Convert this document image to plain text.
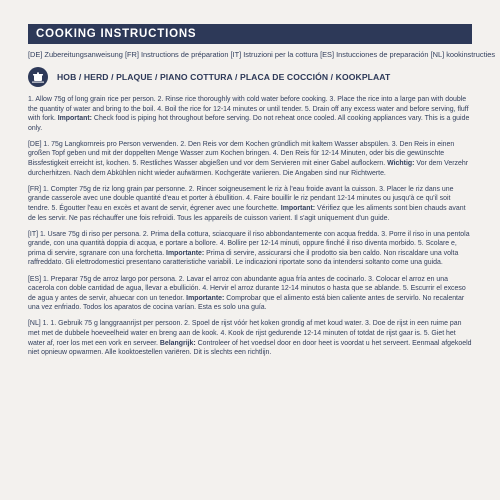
COOKING INSTRUCTIONS
[DE] Zubereitungsanweisung [FR] Instructions de préparation [IT] Istruzioni per la cottura [ES] Instucciones de preparación [NL] kookinstructies
HOB / HERD / PLAQUE / PIANO COTTURA / PLACA DE COCCIÓN / KOOKPLAAT

1. Allow 75g of long grain rice per person. 2. Rinse rice thoroughly with cold water before cooking. 3. Place the rice into a large pan with double the quantity of water and bring to the boil. 4. Boil the rice for 12-14 minutes or until tender. 5. Drain off any excess water and before serving, fluff with fork. Important: Check food is piping hot throughout before serving. Do not reheat once cooled. All cooking appliances vary. This is a guide only.

[DE] 1. 75g Langkornreis pro Person verwenden. 2. Den Reis vor dem Kochen gründlich mit kaltem Wasser abspülen. 3. Den Reis in einen großen Topf geben und mit der doppelten Menge Wasser zum Kochen bringen. 4. Den Reis für 12-14 Minuten, oder bis die gewünschte Bissfestigkeit erreicht ist, kochen. 5. Restliches Wasser abgießen und vor dem Servieren mit einer Gabel auflockern. Wichtig: Vor dem Verzehr durcherhitzen. Nach dem Abkühlen nicht wieder aufwärmen. Kochgeräte variieren. Die Angaben sind nur Richtwerte.

[FR] 1. Compter 75g de riz long grain par personne. 2. Rincer soigneusement le riz à l'eau froide avant la cuisson. 3. Placer le riz dans une grande casserole avec une double quantité d'eau et porter à ébullition. 4. Faire bouillir le riz pendant 12-14 minutes ou jusqu'à ce qu'il soit tendre. 5. Égoutter l'eau en excès et avant de servir, égrener avec une fourchette. Important: Vérifiez que les aliments sont bien chauds avant de les servir. Ne pas réchauffer une fois refroidi. Tous les appareils de cuisson varient. Il s'agit uniquement d'un guide.

[IT] 1. Usare 75g di riso per persona. 2. Prima della cottura, sciacquare il riso abbondantemente con acqua fredda. 3. Porre il riso in una pentola grande, con una quantità doppia di acqua, e portare a bollore. 4. Bollire per 12-14 minuti, oppure finché il riso diventa morbido. 5. Scolare e, prima di servire, sgranare con una forchetta. Importante: Prima di servire, assicurarsi che il prodotto sia ben caldo. Non riscaldare una volta raffreddato. Gli elettrodomestici presentano caratteristiche variabili. Le indicazioni riportate sono da intendersi soltanto come una guida.

[ES] 1. Preparar 75g de arroz largo por persona. 2. Lavar el arroz con abundante agua fría antes de cocinarlo. 3. Colocar el arroz en una cacerola con doble cantidad de agua, llevar a ebullición. 4. Hervir el arroz durante 12-14 minutos o hasta que se ablande. 5. Escurrir el exceso de agua y antes de servir, ahuecar con un tenedor. Importante: Comprobar que el alimento está bien caliente antes de servirlo. No recalentar una vez enfriado. Todos los aparatos de cocina varían. Esta es solo una guía.

[NL] 1. 1. Gebruik 75 g langgraanrijst per persoon. 2. Spoel de rijst vóór het koken grondig af met koud water. 3. Doe de rijst in een ruime pan met met de dubbele hoeveelheid water en breng aan de kook. 4. Kook de rijst gedurende 12-14 minuten of totdat de rijst gaar is. 5. Giet het water af, roer los met een vork en serveer. Belangrijk: Controleer of het voedsel door en door heet is voordat u het serveert. Eenmaal afgekoeld niet opnieuw opwarmen. Alle kooktoestellen variëren. Dit is slechts een richtlijn.
